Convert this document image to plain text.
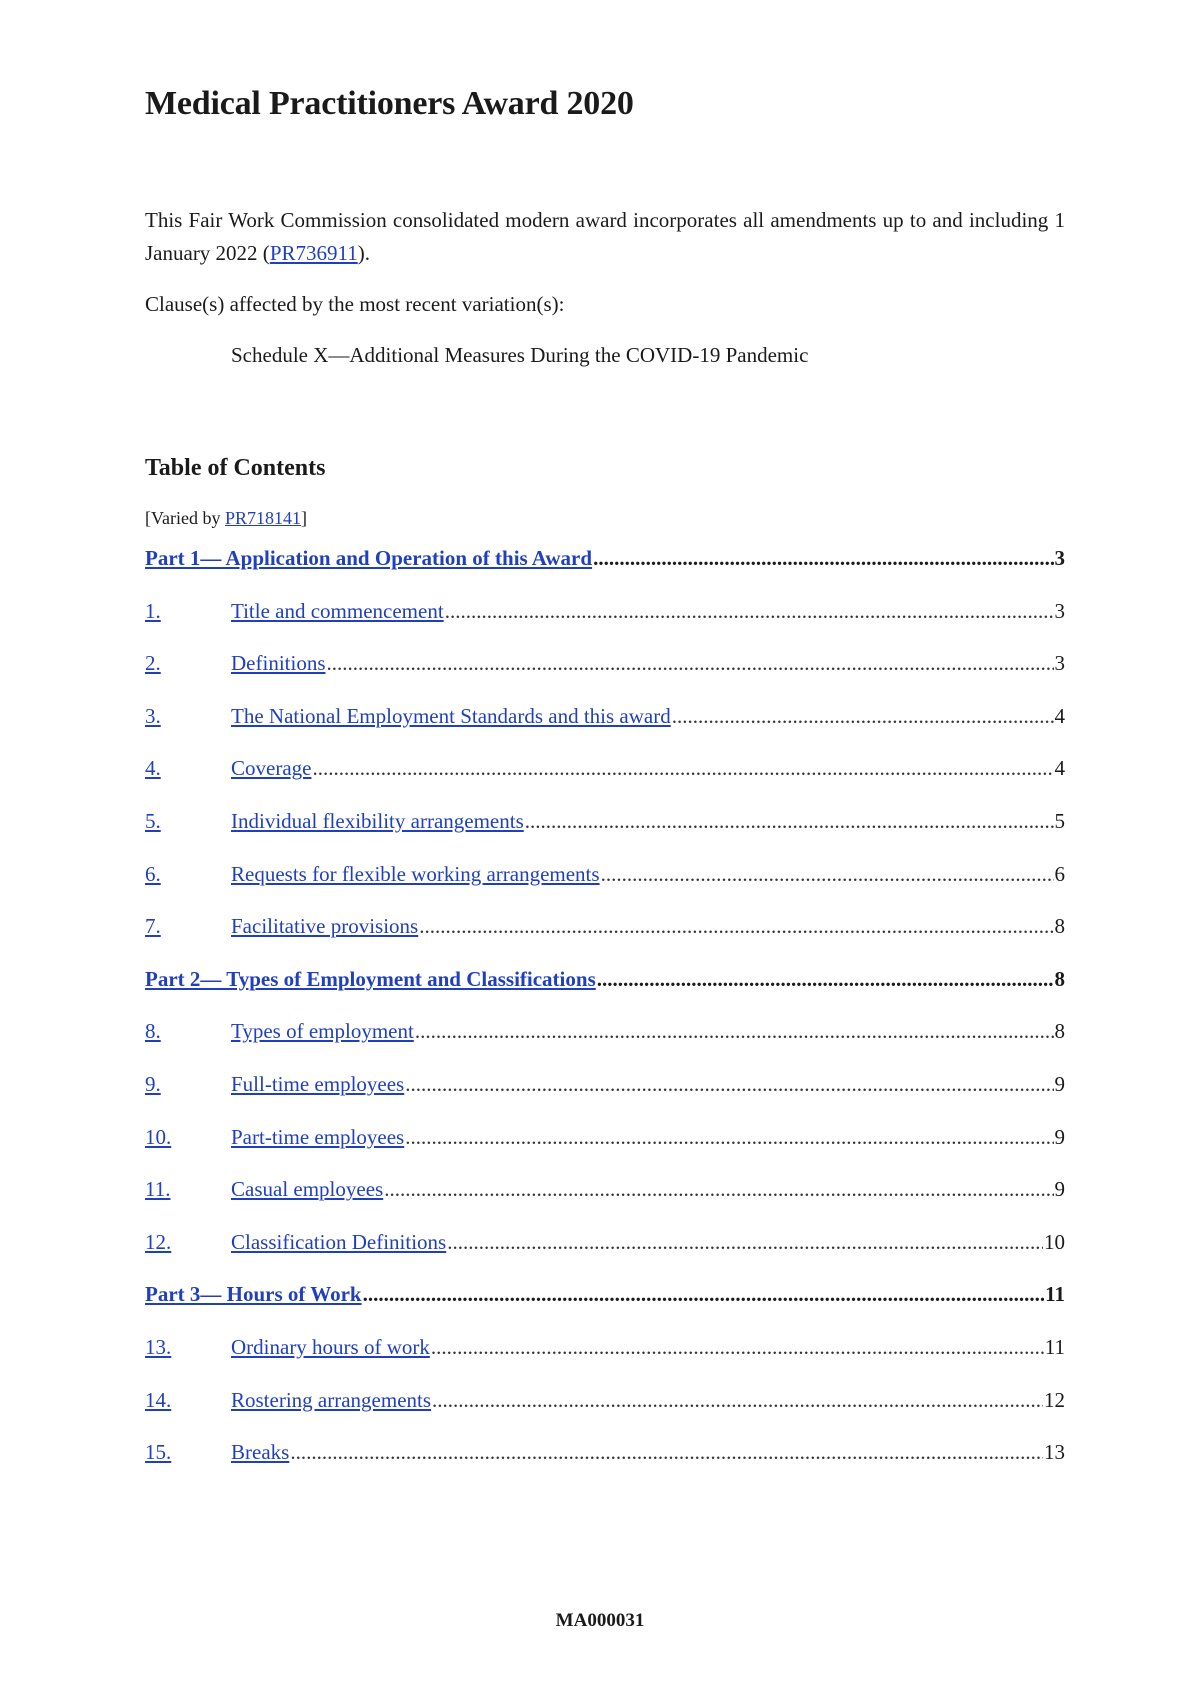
Medical Practitioners Award 2020

This Fair Work Commission consolidated modern award incorporates all amendments up to and including 1 January 2022 (PR736911).

Clause(s) affected by the most recent variation(s):

Schedule X—Additional Measures During the COVID-19 Pandemic

Table of Contents

[Varied by PR718141]

Part 1— Application and Operation of this Award .....	3
1.	Title and commencement .....	3
2.	Definitions .....	3
3.	The National Employment Standards and this award .....	4
4.	Coverage .....	4
5.	Individual flexibility arrangements .....	5
6.	Requests for flexible working arrangements .....	6
7.	Facilitative provisions .....	8
Part 2— Types of Employment and Classifications .....	8
8.	Types of employment .....	8
9.	Full-time employees .....	9
10.	Part-time employees .....	9
11.	Casual employees .....	9
12.	Classification Definitions .....	10
Part 3— Hours of Work .....	11
13.	Ordinary hours of work .....	11
14.	Rostering arrangements .....	12
15.	Breaks .....	13
MA000031
